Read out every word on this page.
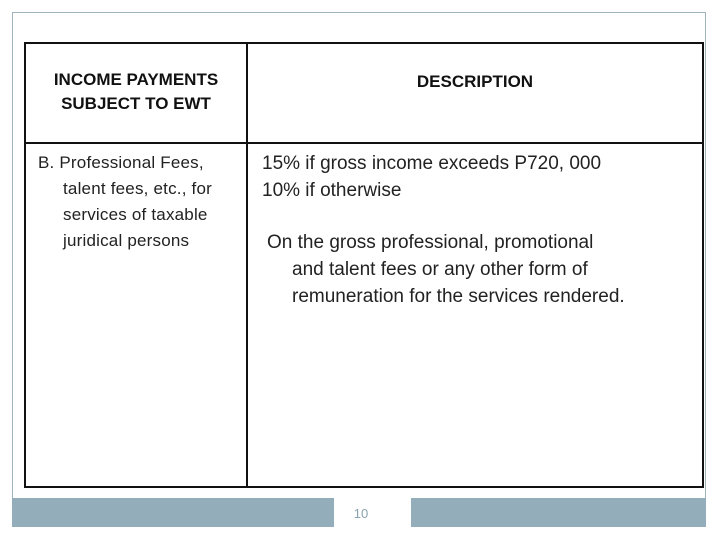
INCOME PAYMENTS
SUBJECT TO EWT
DESCRIPTION
B. Professional Fees,
talent fees, etc., for
services of taxable
juridical persons
15% if gross income exceeds P720, 000
10% if otherwise
On the gross professional, promotional
and talent fees or any other form of
remuneration for the services rendered.
10
